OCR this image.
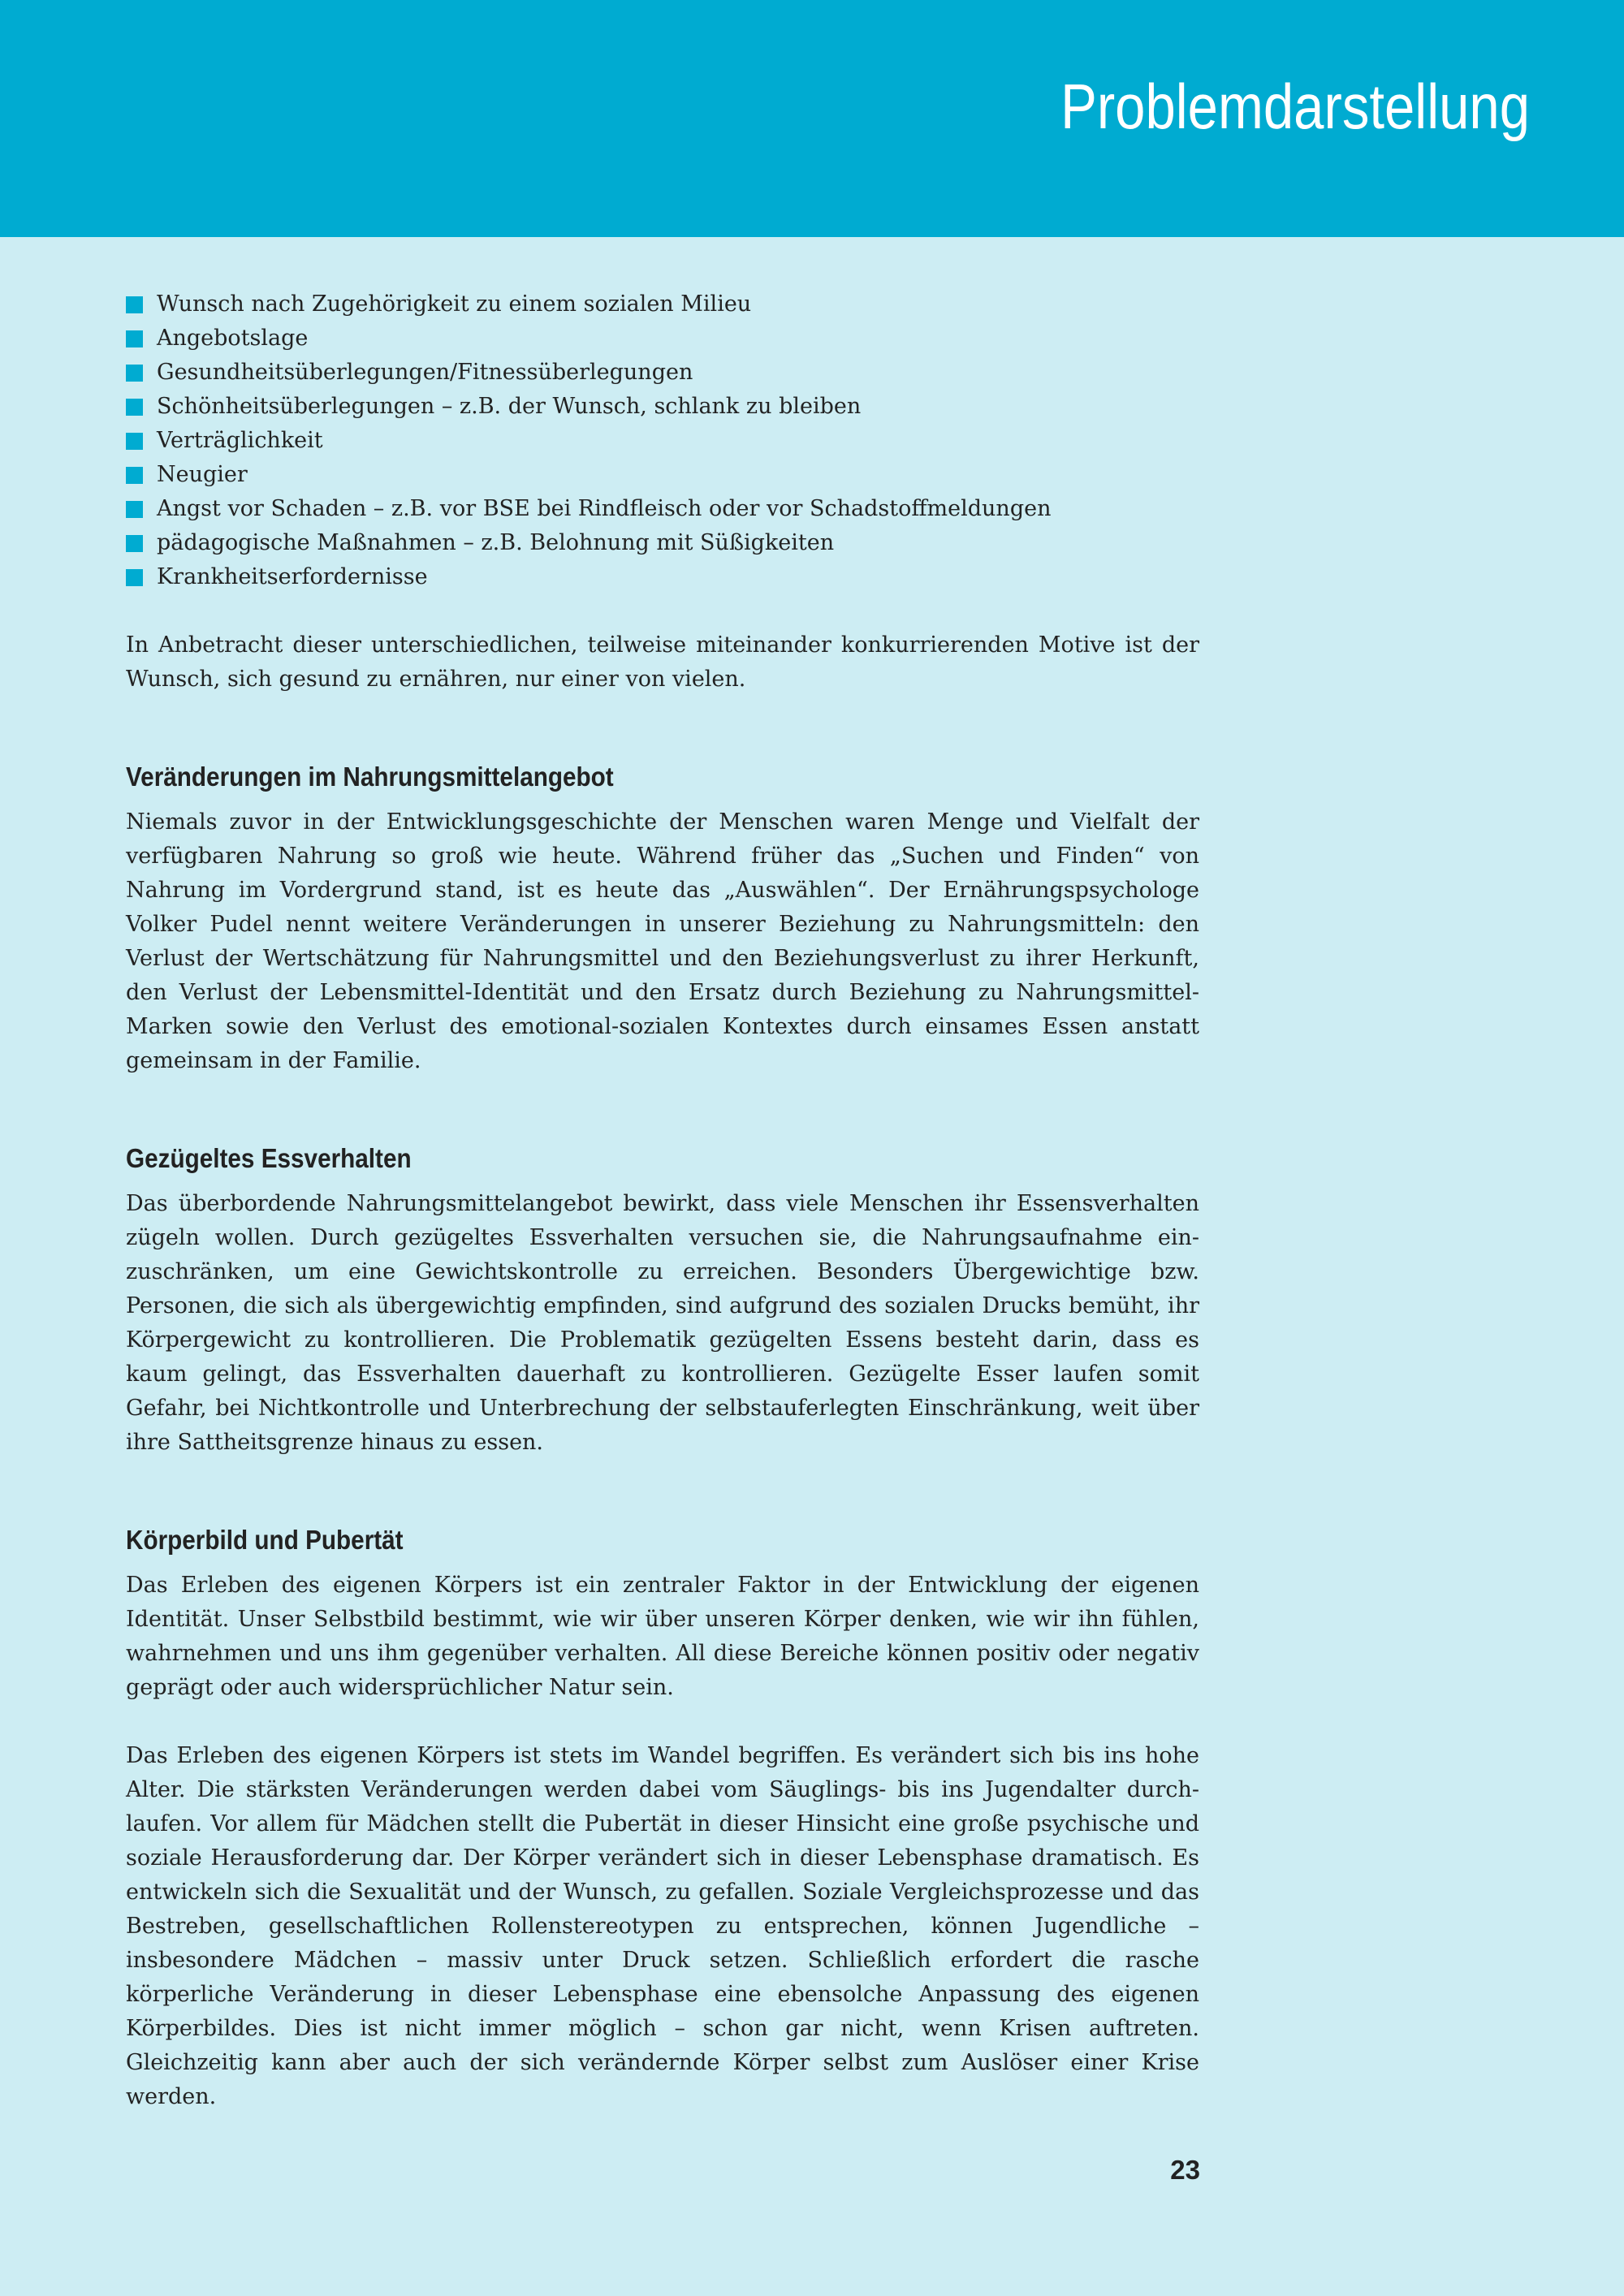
Problemdarstellung
Wunsch nach Zugehörigkeit zu einem sozialen Milieu
Angebotslage
Gesundheitsüberlegungen/Fitnessüberlegungen
Schönheitsüberlegungen – z.B. der Wunsch, schlank zu bleiben
Verträglichkeit
Neugier
Angst vor Schaden – z.B. vor BSE bei Rindfleisch oder vor Schadstoffmeldungen
pädagogische Maßnahmen – z.B. Belohnung mit Süßigkeiten
Krankheitserfordernisse

In Anbetracht dieser unterschiedlichen, teilweise miteinander konkurrierenden Motive ist der Wunsch, sich gesund zu ernähren, nur einer von vielen.

Veränderungen im Nahrungsmittelangebot

Niemals zuvor in der Entwicklungsgeschichte der Menschen waren Menge und Vielfalt der verfügbaren Nahrung so groß wie heute. Während früher das „Suchen und Finden“ von Nahrung im Vordergrund stand, ist es heute das „Auswählen“. Der Ernährungspsychologe Volker Pudel nennt weitere Veränderungen in unserer Beziehung zu Nahrungsmitteln: den Verlust der Wertschätzung für Nahrungsmittel und den Beziehungsverlust zu ihrer Herkunft, den Verlust der Lebensmittel-Identität und den Ersatz durch Beziehung zu Nahrungsmittel-Marken sowie den Verlust des emotional-sozialen Kontextes durch einsames Essen anstatt gemeinsam in der Familie.

Gezügeltes Essverhalten

Das überbordende Nahrungsmittelangebot bewirkt, dass viele Menschen ihr Essensverhalten zügeln wollen. Durch gezügeltes Essverhalten versuchen sie, die Nahrungsaufnahme einzuschränken, um eine Gewichtskontrolle zu erreichen. Besonders Übergewichtige bzw. Personen, die sich als übergewichtig empfinden, sind aufgrund des sozialen Drucks bemüht, ihr Körpergewicht zu kontrollieren. Die Problematik gezügelten Essens besteht darin, dass es kaum gelingt, das Essverhalten dauerhaft zu kontrollieren. Gezügelte Esser laufen somit Gefahr, bei Nichtkontrolle und Unterbrechung der selbstauferlegten Einschränkung, weit über ihre Sattheitsgrenze hinaus zu essen.

Körperbild und Pubertät

Das Erleben des eigenen Körpers ist ein zentraler Faktor in der Entwicklung der eigenen Identität. Unser Selbstbild bestimmt, wie wir über unseren Körper denken, wie wir ihn fühlen, wahrnehmen und uns ihm gegenüber verhalten. All diese Bereiche können positiv oder negativ geprägt oder auch widersprüchlicher Natur sein.

Das Erleben des eigenen Körpers ist stets im Wandel begriffen. Es verändert sich bis ins hohe Alter. Die stärksten Veränderungen werden dabei vom Säuglings- bis ins Jugendalter durchlaufen. Vor allem für Mädchen stellt die Pubertät in dieser Hinsicht eine große psychische und soziale Herausforderung dar. Der Körper verändert sich in dieser Lebensphase dramatisch. Es entwickeln sich die Sexualität und der Wunsch, zu gefallen. Soziale Vergleichsprozesse und das Bestreben, gesellschaftlichen Rollenstereotypen zu entsprechen, können Jugendliche – insbesondere Mädchen – massiv unter Druck setzen. Schließlich erfordert die rasche körperliche Veränderung in dieser Lebensphase eine ebensolche Anpassung des eigenen Körperbildes. Dies ist nicht immer möglich – schon gar nicht, wenn Krisen auftreten. Gleichzeitig kann aber auch der sich verändernde Körper selbst zum Auslöser einer Krise werden.

23
